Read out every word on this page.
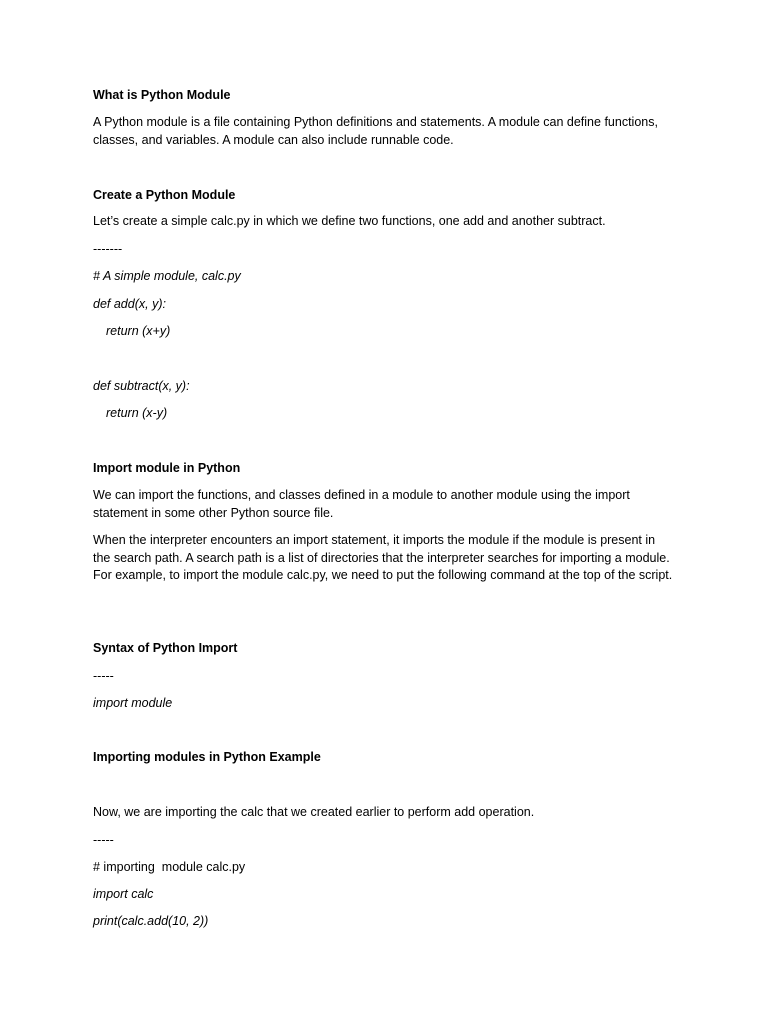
What is Python Module

A Python module is a file containing Python definitions and statements. A module can define functions, classes, and variables. A module can also include runnable code.

Create a Python Module

Let’s create a simple calc.py in which we define two functions, one add and another subtract.

-------

# A simple module, calc.py

def add(x, y):

return (x+y)

def subtract(x, y):

return (x-y)

Import module in Python

We can import the functions, and classes defined in a module to another module using the import statement in some other Python source file.

When the interpreter encounters an import statement, it imports the module if the module is present in the search path. A search path is a list of directories that the interpreter searches for importing a module. For example, to import the module calc.py, we need to put the following command at the top of the script.

Syntax of Python Import

-----

import module

Importing modules in Python Example

Now, we are importing the calc that we created earlier to perform add operation.

-----

# importing  module calc.py

import calc

print(calc.add(10, 2))
